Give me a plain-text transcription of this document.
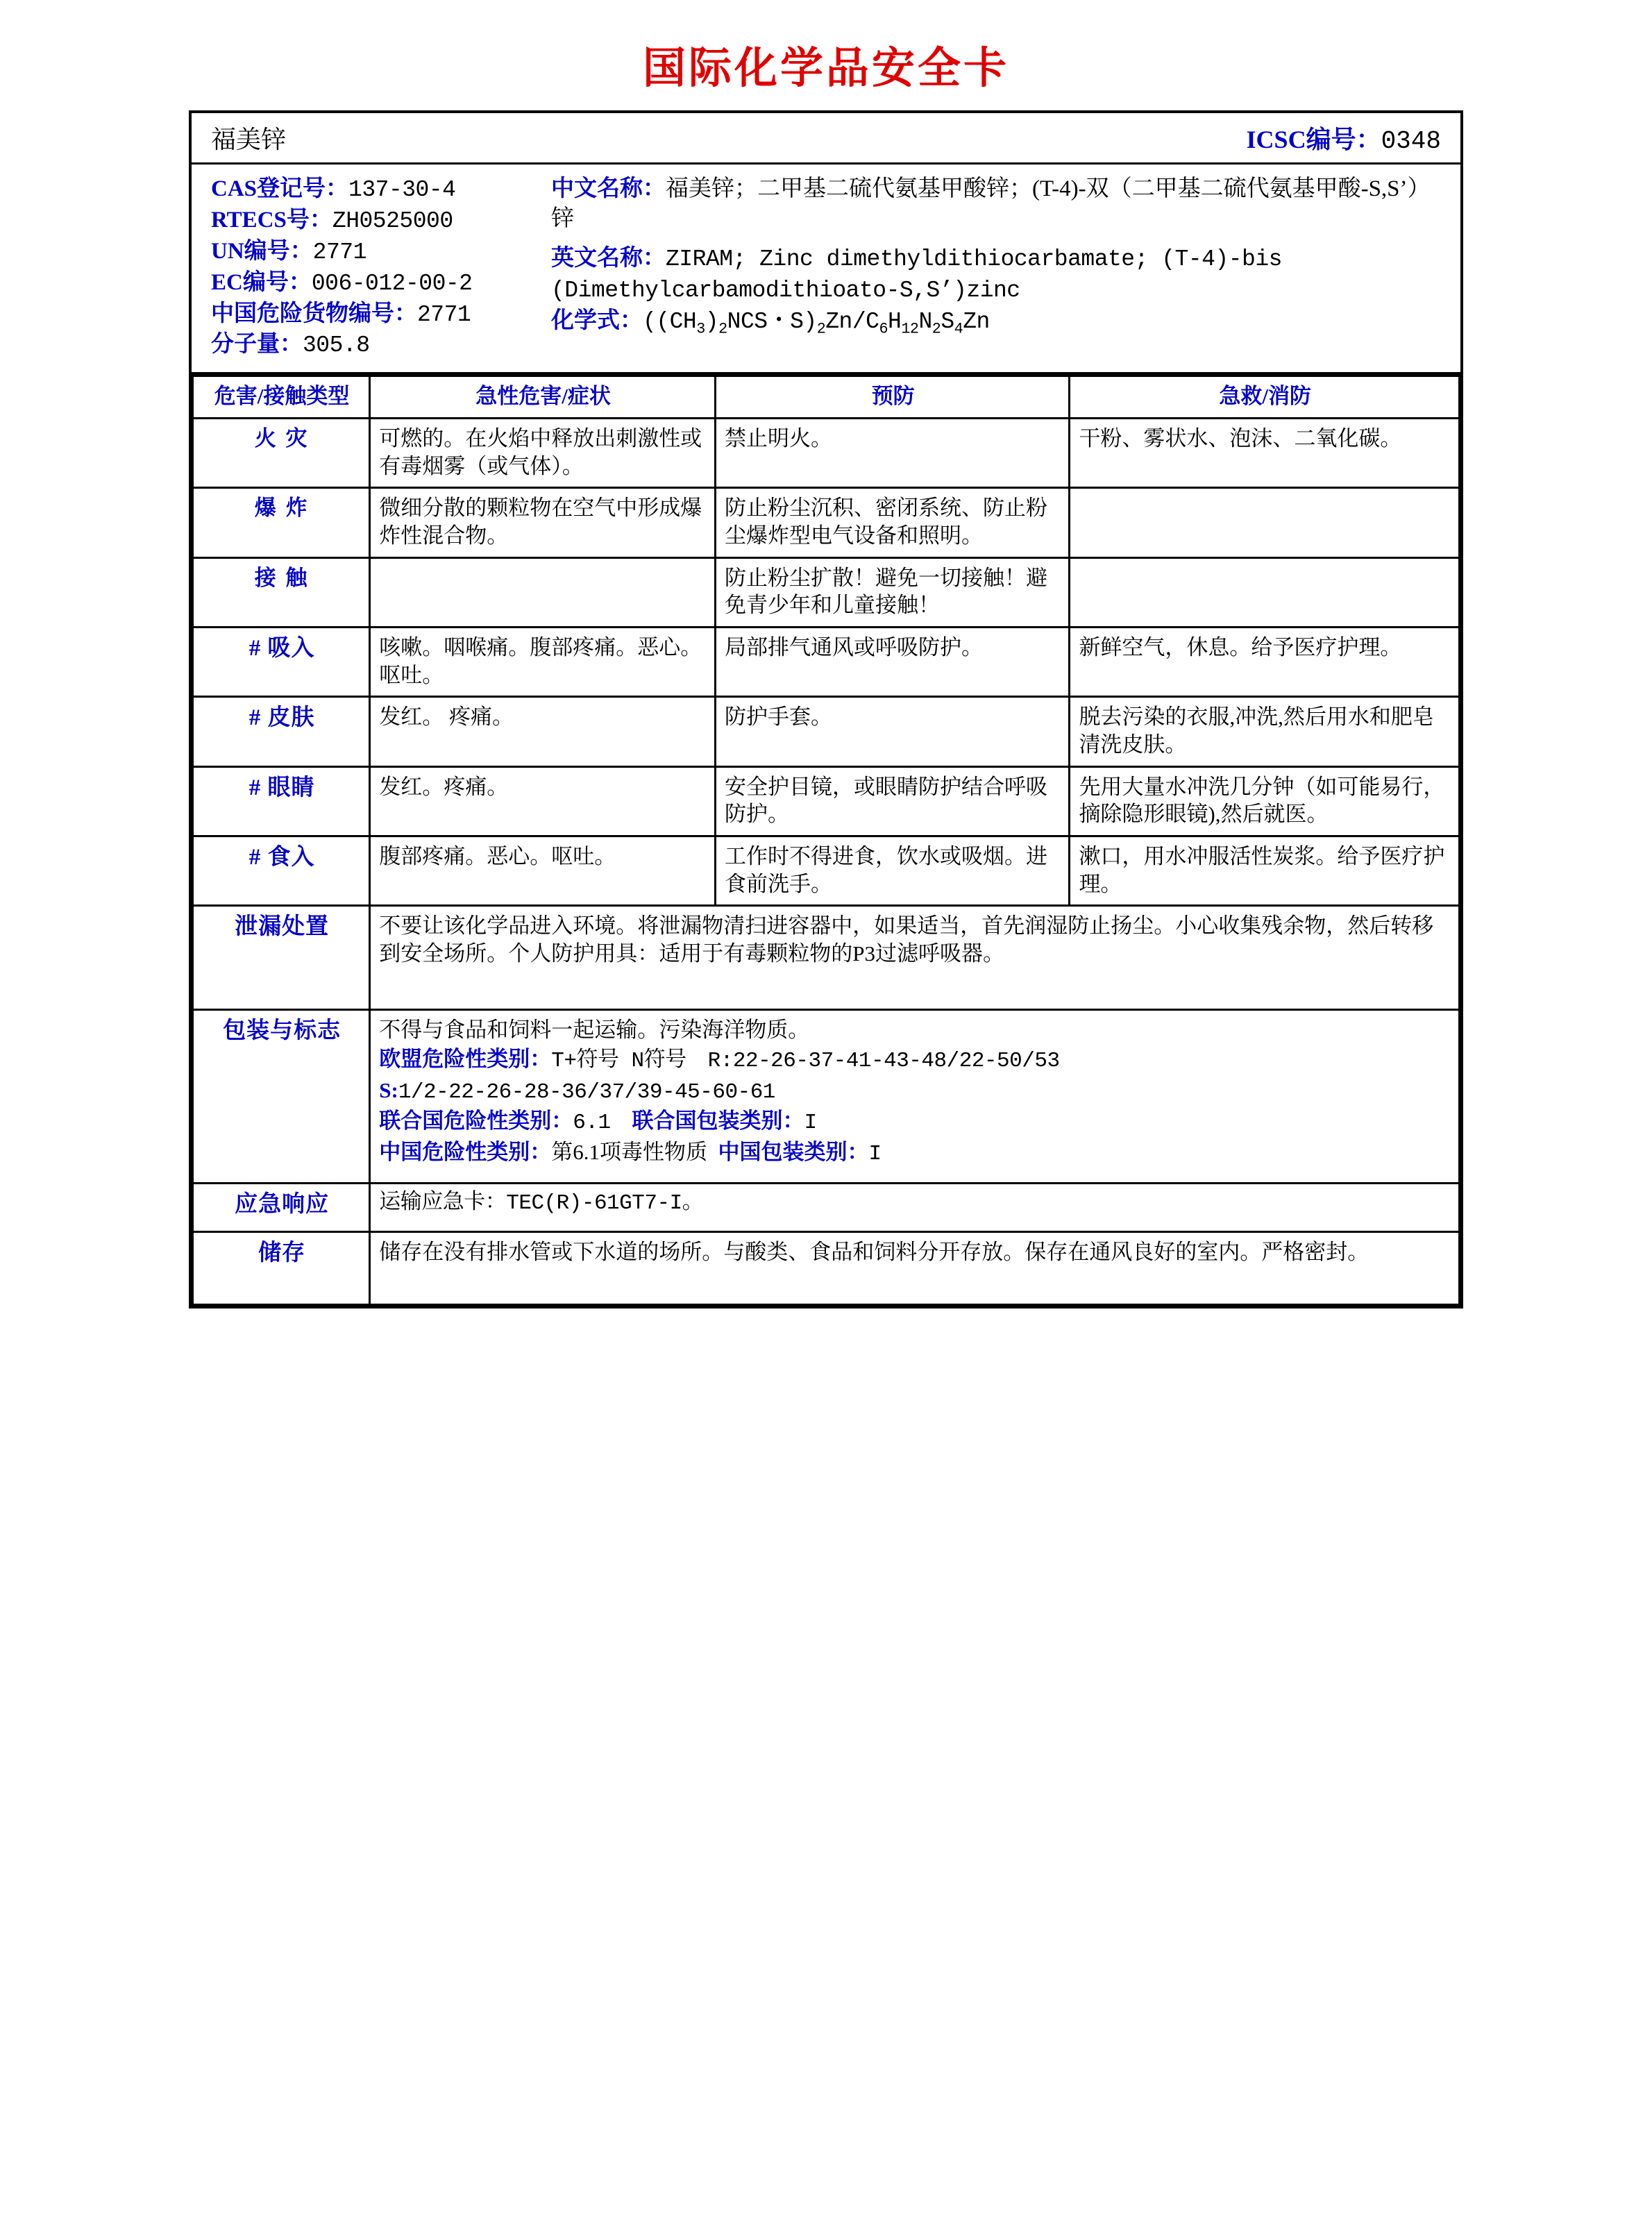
国际化学品安全卡
福美锌	ICSC编号：0348
CAS登记号：137-30-4
RTECS号：ZH0525000
UN编号：2771
EC编号：006-012-00-2
中国危险货物编号：2771
分子量：305.8
中文名称：福美锌；二甲基二硫代氨基甲酸锌；(T-4)-双（二甲基二硫代氨基甲酸-S,S’）锌
英文名称：ZIRAM; Zinc dimethyldithiocarbamate; (T-4)-bis (Dimethylcarbamodithioato-S,S’)zinc
化学式：($(CH_3)_2NCS$・$S)_2Zn/C_6H_{12}N_2S_4Zn$
危害/接触类型	急性危害/症状	预防	急救/消防
火 灾	可燃的。在火焰中释放出刺激性或有毒烟雾（或气体）。	禁止明火。	干粉、雾状水、泡沫、二氧化碳。
爆 炸	微细分散的颗粒物在空气中形成爆炸性混合物。	防止粉尘沉积、密闭系统、防止粉尘爆炸型电气设备和照明。	
接 触		防止粉尘扩散！避免一切接触！避免青少年和儿童接触！	
# 吸入	咳嗽。咽喉痛。腹部疼痛。恶心。呕吐。	局部排气通风或呼吸防护。	新鲜空气，休息。给予医疗护理。
# 皮肤	发红。 疼痛。	防护手套。	脱去污染的衣服,冲洗,然后用水和肥皂清洗皮肤。
# 眼睛	发红。疼痛。	安全护目镜，或眼睛防护结合呼吸防护。	先用大量水冲洗几分钟（如可能易行，摘除隐形眼镜),然后就医。
# 食入	腹部疼痛。恶心。呕吐。	工作时不得进食，饮水或吸烟。进食前洗手。	漱口，用水冲服活性炭浆。给予医疗护理。
泄漏处置	不要让该化学品进入环境。将泄漏物清扫进容器中，如果适当，首先润湿防止扬尘。小心收集残余物，然后转移到安全场所。个人防护用具：适用于有毒颗粒物的P3过滤呼吸器。		
包装与标志	不得与食品和饲料一起运输。污染海洋物质。

欧盟危险性类别：T+符号 N符号 R:22-26-37-41-43-48/22-50/53

S:1/2-22-26-28-36/37/39-45-60-61

联合国危险性类别：6.1 联合国包装类别：I

中国危险性类别：第6.1项毒性物质 中国包装类别：I		

应急响应	运输应急卡：TEC(R)-61GT7-I。		
储存	储存在没有排水管或下水道的场所。与酸类、食品和饲料分开存放。保存在通风良好的室内。严格密封。		
